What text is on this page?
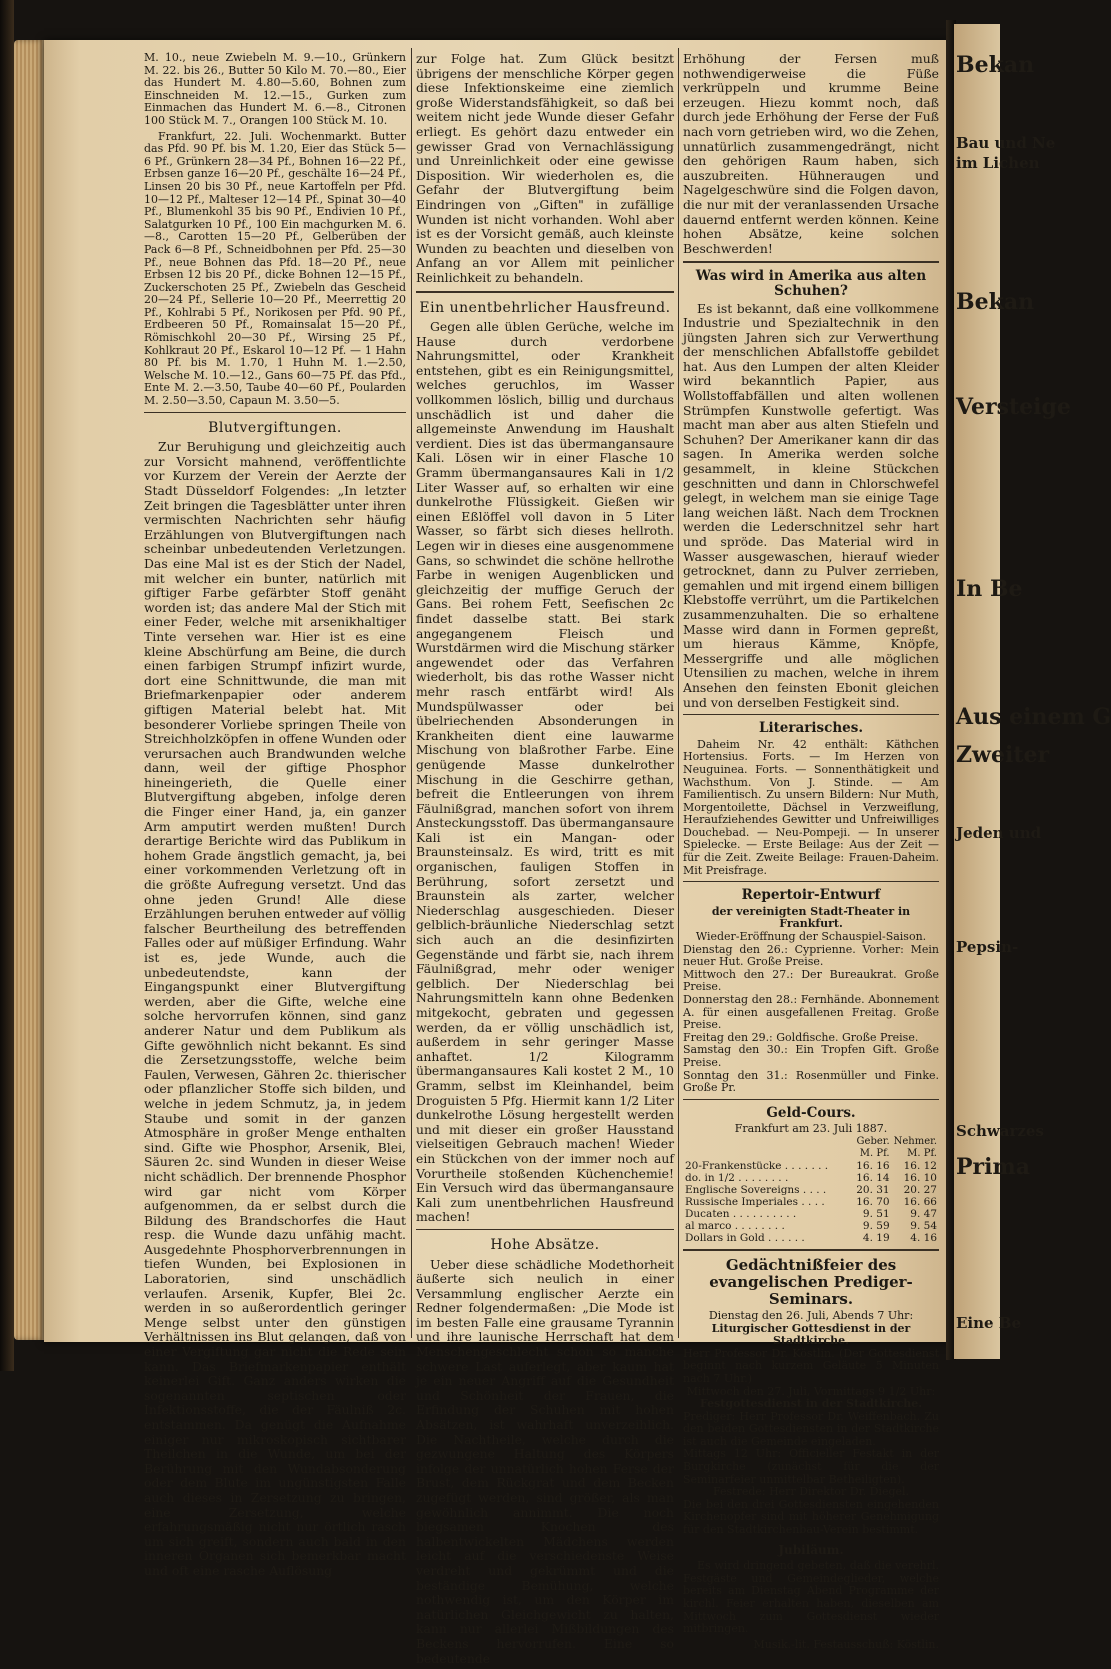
M. 10., neue Zwiebeln M. 9.—10., Grünkern M. 22. bis 26., Butter 50 Kilo M. 70.—80., Eier das Hundert M. 4.80—5.60, Bohnen zum Einschneiden M. 12.—15., Gurken zum Einmachen das Hundert M. 6.—8., Citronen 100 Stück M. 7., Orangen 100 Stück M. 10.

Frankfurt, 22. Juli. Wochenmarkt. Butter das Pfd. 90 Pf. bis M. 1.20, Eier das Stück 5—6 Pf., Grünkern 28—34 Pf., Bohnen 16—22 Pf., Erbsen ganze 16—20 Pf., geschälte 16—24 Pf., Linsen 20 bis 30 Pf., neue Kartoffeln per Pfd. 10—12 Pf., Malteser 12—14 Pf., Spinat 30—40 Pf., Blumenkohl 35 bis 90 Pf., Endivien 10 Pf., Salatgurken 10 Pf., 100 Ein machgurken M. 6.—8., Carotten 15—20 Pf., Gelberüben der Pack 6—8 Pf., Schneidbohnen per Pfd. 25—30 Pf., neue Bohnen das Pfd. 18—20 Pf., neue Erbsen 12 bis 20 Pf., dicke Bohnen 12—15 Pf., Zuckerschoten 25 Pf., Zwiebeln das Gescheid 20—24 Pf., Sellerie 10—20 Pf., Meerrettig 20 Pf., Kohlrabi 5 Pf., Norikosen per Pfd. 90 Pf., Erdbeeren 50 Pf., Romainsalat 15—20 Pf., Römischkohl 20—30 Pf., Wirsing 25 Pf., Kohlkraut 20 Pf., Eskarol 10—12 Pf. — 1 Hahn 80 Pf. bis M. 1.70, 1 Huhn M. 1.—2.50, Welsche M. 10.—12., Gans 60—75 Pf. das Pfd., Ente M. 2.—3.50, Taube 40—60 Pf., Poularden M. 2.50—3.50, Capaun M. 3.50—5.

Blutvergiftungen.

Zur Beruhigung und gleichzeitig auch zur Vorsicht mahnend, veröffentlichte vor Kurzem der Verein der Aerzte der Stadt Düsseldorf Folgendes: „In letzter Zeit bringen die Tagesblätter unter ihren vermischten Nachrichten sehr häufig Erzählungen von Blutvergiftungen nach scheinbar unbedeutenden Verletzungen. Das eine Mal ist es der Stich der Nadel, mit welcher ein bunter, natürlich mit giftiger Farbe gefärbter Stoff genäht worden ist; das andere Mal der Stich mit einer Feder, welche mit arsenikhaltiger Tinte versehen war. Hier ist es eine kleine Abschürfung am Beine, die durch einen farbigen Strumpf infizirt wurde, dort eine Schnittwunde, die man mit Briefmarkenpapier oder anderem giftigen Material belebt hat. Mit besonderer Vorliebe springen Theile von Streichholzköpfen in offene Wunden oder verursachen auch Brandwunden welche dann, weil der giftige Phosphor hineingerieth, die Quelle einer Blutvergiftung abgeben, infolge deren die Finger einer Hand, ja, ein ganzer Arm amputirt werden mußten! Durch derartige Berichte wird das Publikum in hohem Grade ängstlich gemacht, ja, bei einer vorkommenden Verletzung oft in die größte Aufregung versetzt. Und das ohne jeden Grund! Alle diese Erzählungen beruhen entweder auf völlig falscher Beurtheilung des betreffenden Falles oder auf müßiger Erfindung. Wahr ist es, jede Wunde, auch die unbedeutendste, kann der Eingangspunkt einer Blutvergiftung werden, aber die Gifte, welche eine solche hervorrufen können, sind ganz anderer Natur und dem Publikum als Gifte gewöhnlich nicht bekannt. Es sind die Zersetzungsstoffe, welche beim Faulen, Verwesen, Gähren 2c. thierischer oder pflanzlicher Stoffe sich bilden, und welche in jedem Schmutz, ja, in jedem Staube und somit in der ganzen Atmosphäre in großer Menge enthalten sind. Gifte wie Phosphor, Arsenik, Blei, Säuren 2c. sind Wunden in dieser Weise nicht schädlich. Der brennende Phosphor wird gar nicht vom Körper aufgenommen, da er selbst durch die Bildung des Brandschorfes die Haut resp. die Wunde dazu unfähig macht. Ausgedehnte Phosphorverbrennungen in tiefen Wunden, bei Explosionen in Laboratorien, sind unschädlich verlaufen. Arsenik, Kupfer, Blei 2c. werden in so außerordentlich geringer Menge selbst unter den günstigen Verhältnissen ins Blut gelangen, daß von einer Vergiftung gar nicht die Rede sein kann. Das Briefmarkenpapier enthält keinerlei Gift. Ganz anders wirken die sogenannten septischen oder Infektionsstoffe, die der Fäulniß 2c. entstammen. Da genügt die Aufnahme einiger nur mikroskopisch sichtbarer Theilchen in die Wunde, um bei der Berührung mit den Wundabsonderung oder dem Blute im ungünstigsten Falle auch dieses in Zersetzung zu bringen, eine Zersetzung, welche erfahrungsmäßig nicht nur örtlich rasch um sich greift, sondern auch bald in den inneren Organen sich bemerkbar macht und oft eine rasche Auflösung

zur Folge hat. Zum Glück besitzt übrigens der menschliche Körper gegen diese Infektionskeime eine ziemlich große Widerstandsfähigkeit, so daß bei weitem nicht jede Wunde dieser Gefahr erliegt. Es gehört dazu entweder ein gewisser Grad von Vernachlässigung und Unreinlichkeit oder eine gewisse Disposition. Wir wiederholen es, die Gefahr der Blutvergiftung beim Eindringen von „Giften" in zufällige Wunden ist nicht vorhanden. Wohl aber ist es der Vorsicht gemäß, auch kleinste Wunden zu beachten und dieselben von Anfang an vor Allem mit peinlicher Reinlichkeit zu behandeln.

Ein unentbehrlicher Hausfreund.

Gegen alle üblen Gerüche, welche im Hause durch verdorbene Nahrungsmittel, oder Krankheit entstehen, gibt es ein Reinigungsmittel, welches geruchlos, im Wasser vollkommen löslich, billig und durchaus unschädlich ist und daher die allgemeinste Anwendung im Haushalt verdient. Dies ist das übermangansaure Kali. Lösen wir in einer Flasche 10 Gramm übermangansaures Kali in 1/2 Liter Wasser auf, so erhalten wir eine dunkelrothe Flüssigkeit. Gießen wir einen Eßlöffel voll davon in 5 Liter Wasser, so färbt sich dieses hellroth. Legen wir in dieses eine ausgenommene Gans, so schwindet die schöne hellrothe Farbe in wenigen Augenblicken und gleichzeitig der muffige Geruch der Gans. Bei rohem Fett, Seefischen 2c findet dasselbe statt. Bei stark angegangenem Fleisch und Wurstdärmen wird die Mischung stärker angewendet oder das Verfahren wiederholt, bis das rothe Wasser nicht mehr rasch entfärbt wird! Als Mundspülwasser oder bei übelriechenden Absonderungen in Krankheiten dient eine lauwarme Mischung von blaßrother Farbe. Eine genügende Masse dunkelrother Mischung in die Geschirre gethan, befreit die Entleerungen von ihrem Fäulnißgrad, manchen sofort von ihrem Ansteckungsstoff. Das übermangansaure Kali ist ein Mangan- oder Braunsteinsalz. Es wird, tritt es mit organischen, fauligen Stoffen in Berührung, sofort zersetzt und Braunstein als zarter, welcher Niederschlag ausgeschieden. Dieser gelblich-bräunliche Niederschlag setzt sich auch an die desinfizirten Gegenstände und färbt sie, nach ihrem Fäulnißgrad, mehr oder weniger gelblich. Der Niederschlag bei Nahrungsmitteln kann ohne Bedenken mitgekocht, gebraten und gegessen werden, da er völlig unschädlich ist, außerdem in sehr geringer Masse anhaftet. 1/2 Kilogramm übermangansaures Kali kostet 2 M., 10 Gramm, selbst im Kleinhandel, beim Droguisten 5 Pfg. Hiermit kann 1/2 Liter dunkelrothe Lösung hergestellt werden und mit dieser ein großer Hausstand vielseitigen Gebrauch machen! Wieder ein Stückchen von der immer noch auf Vorurtheile stoßenden Küchenchemie! Ein Versuch wird das übermangansaure Kali zum unentbehrlichen Hausfreund machen!

Hohe Absätze.

Ueber diese schädliche Modethorheit äußerte sich neulich in einer Versammlung englischer Aerzte ein Redner folgendermaßen: „Die Mode ist im besten Falle eine grausame Tyrannin und ihre launische Herrschaft hat dem Menschengeschlecht schon so manche schwere Last auferlegt, aber kaum hat je ein neuer Angriff auf die Gesundheit und Schönheit der Frauen, die Erfindung der Schuhen mit hohen Absätzen, ist wahrhaft unverzeihlich. Die Nachtheile, welche durch die gezwungene Haltung des Körpers infolge der unnatürlich hohen Ferse der Brust, dem Rückgrat und dem Becken zugefügt werden, sind größer, als man gewöhnlich annimmt. Die noch biegsamen Knochen des halbentwickelten Mädchens werden leicht auf die verschiedenste Weise verdreht und gekrümmt und die beständige Bemühung, welche nothwendig ist, um den Körper im natürlichen Gleichgewicht zu halten, kann nur allerlei Mißbildungen des Beckens hervorrufen. Eine so bedeutende

Erhöhung der Fersen muß nothwendigerweise die Füße verkrüppeln und krumme Beine erzeugen. Hiezu kommt noch, daß durch jede Erhöhung der Ferse der Fuß nach vorn getrieben wird, wo die Zehen, unnatürlich zusammengedrängt, nicht den gehörigen Raum haben, sich auszubreiten. Hühneraugen und Nagelgeschwüre sind die Folgen davon, die nur mit der veranlassenden Ursache dauernd entfernt werden können. Keine hohen Absätze, keine solchen Beschwerden!

Was wird in Amerika aus alten Schuhen?

Es ist bekannt, daß eine vollkommene Industrie und Spezialtechnik in den jüngsten Jahren sich zur Verwerthung der menschlichen Abfallstoffe gebildet hat. Aus den Lumpen der alten Kleider wird bekanntlich Papier, aus Wollstoffabfällen und alten wollenen Strümpfen Kunstwolle gefertigt. Was macht man aber aus alten Stiefeln und Schuhen? Der Amerikaner kann dir das sagen. In Amerika werden solche gesammelt, in kleine Stückchen geschnitten und dann in Chlorschwefel gelegt, in welchem man sie einige Tage lang weichen läßt. Nach dem Trocknen werden die Lederschnitzel sehr hart und spröde. Das Material wird in Wasser ausgewaschen, hierauf wieder getrocknet, dann zu Pulver zerrieben, gemahlen und mit irgend einem billigen Klebstoffe verrührt, um die Partikelchen zusammenzuhalten. Die so erhaltene Masse wird dann in Formen gepreßt, um hieraus Kämme, Knöpfe, Messergriffe und alle möglichen Utensilien zu machen, welche in ihrem Ansehen den feinsten Ebonit gleichen und von derselben Festigkeit sind.

Literarisches.

Daheim Nr. 42 enthält: Käthchen Hortensius. Forts. — Im Herzen von Neuguinea. Forts. — Sonnenthätigkeit und Wachsthum. Von J. Stinde. — Am Familientisch. Zu unsern Bildern: Nur Muth, Morgentoilette, Dächsel in Verzweiflung, Heraufziehendes Gewitter und Unfreiwilliges Douchebad. — Neu-Pompeji. — In unserer Spielecke. — Erste Beilage: Aus der Zeit — für die Zeit. Zweite Beilage: Frauen-Daheim. Mit Preisfrage.

Repertoir-Entwurf
der vereinigten Stadt-Theater in Frankfurt.
Wieder-Eröffnung der Schauspiel-Saison.
Dienstag den 26.: Cyprienne. Vorher: Mein neuer Hut. Große Preise.
Mittwoch den 27.: Der Bureaukrat. Große Preise.
Donnerstag den 28.: Fernhände. Abonnement A. für einen ausgefallenen Freitag. Große Preise.
Freitag den 29.: Goldfische. Große Preise.
Samstag den 30.: Ein Tropfen Gift. Große Preise.
Sonntag den 31.: Rosenmüller und Finke. Große Pr.
Geld-Cours.
Frankfurt am 23. Juli 1887.
	Geber.	Nehmer.
	M. Pf.	M. Pf.
20-Frankenstücke . . . . . . .	16. 16	16. 12
do. in 1/2 . . . . . . . .	16. 14	16. 10
Englische Sovereigns . . . .	20. 31	20. 27
Russische Imperiales . . . .	16. 70	16. 66
Ducaten . . . . . . . . . .	9. 51	9. 47
al marco . . . . . . . .	9. 59	9. 54
Dollars in Gold . . . . . .	4. 19	4. 16
Gedächtnißfeier des evangelischen Prediger-Seminars.
Dienstag den 26. Juli, Abends 7 Uhr:
Liturgischer Gottesdienst in der Stadtkirche.
Herr Professor Dr. Köstlin. (Der Gottesdienst beginnt nach kurzem Geläute 5 Minuten nach 7 Uhr.)
Mittwoch den 27. Juli, Vormittags 9 1/2 Uhr:
Festgottesdienst in der Stadtkirche.
Prediger: Herr Professor Dr. Weiffenbach. Zu den beiden Gottesdiensten in der Stadtkirche ist auch die Gemeinde eingeladen.
Mittags 12 Uhr: Officieller Festakt in der Burgkirche (zunächst für die der Seminarfeier unmittelbar Betheiligten).
Festrede: Herr Direktor Dr. Diegel.
Die bei den drei Gottesdiensten eingehenden Kirchenopfer sind mit höherer Genehmigung für den Stadtkirchenbau-Verein bestimmt.
Jubiläum.

Es wird dringend gebeten, daß die verehrl. Festgäste und Gemeindeglieder, welche bereits am Dienstag Abend Programme der kirchl. Feier erhalten haben, dieselben am Mittwoch zum Gottesdienst wieder mitbringen.

Musik.-lit. Festausschuß: Köstlin.
Bekan
Bau und Ne
im Lichen
Bekan
Versteige
In Be
Aus einem G
Zweiter
Jeden und
Pepsin-
Schwarzes
Prima
Eine Be
